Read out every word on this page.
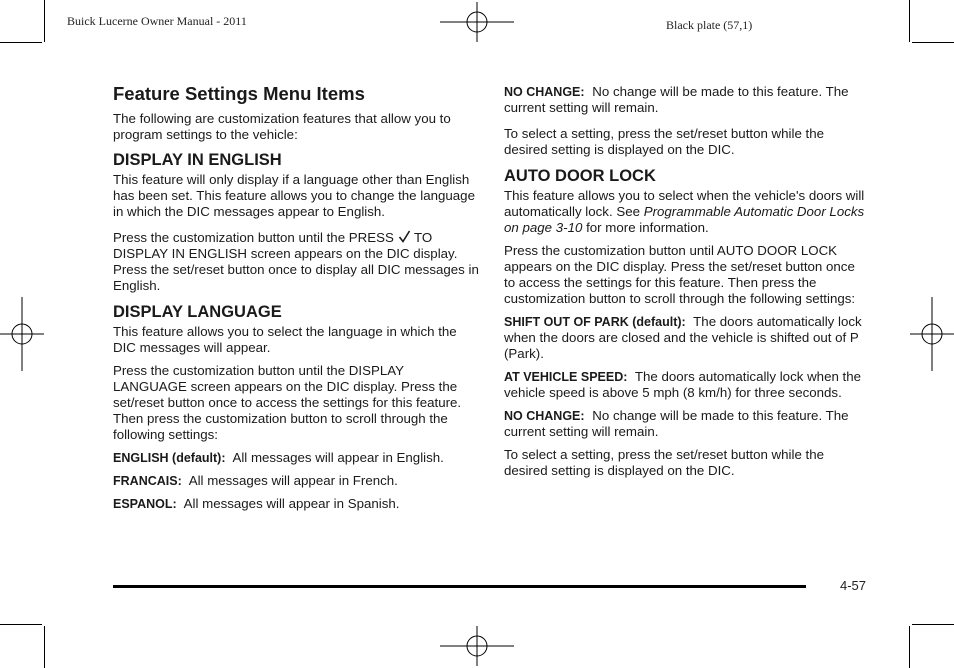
Buick Lucerne Owner Manual - 2011	Black plate (57,1)
Feature Settings Menu Items

The following are customization features that allow you to program settings to the vehicle:

DISPLAY IN ENGLISH

This feature will only display if a language other than English has been set. This feature allows you to change the language in which the DIC messages appear to English.

Press the customization button until the PRESS TO DISPLAY IN ENGLISH screen appears on the DIC display. Press the set/reset button once to display all DIC messages in English.

DISPLAY LANGUAGE

This feature allows you to select the language in which the DIC messages will appear.

Press the customization button until the DISPLAY LANGUAGE screen appears on the DIC display. Press the set/reset button once to access the settings for this feature. Then press the customization button to scroll through the following settings:

ENGLISH (default): All messages will appear in English.

FRANCAIS: All messages will appear in French.

ESPANOL: All messages will appear in Spanish.

NO CHANGE: No change will be made to this feature. The current setting will remain.

To select a setting, press the set/reset button while the desired setting is displayed on the DIC.

AUTO DOOR LOCK

This feature allows you to select when the vehicle's doors will automatically lock. See Programmable Automatic Door Locks on page 3-10 for more information.

Press the customization button until AUTO DOOR LOCK appears on the DIC display. Press the set/reset button once to access the settings for this feature. Then press the customization button to scroll through the following settings:

SHIFT OUT OF PARK (default): The doors automatically lock when the doors are closed and the vehicle is shifted out of P (Park).

AT VEHICLE SPEED: The doors automatically lock when the vehicle speed is above 5 mph (8 km/h) for three seconds.

NO CHANGE: No change will be made to this feature. The current setting will remain.

To select a setting, press the set/reset button while the desired setting is displayed on the DIC.

4-57
